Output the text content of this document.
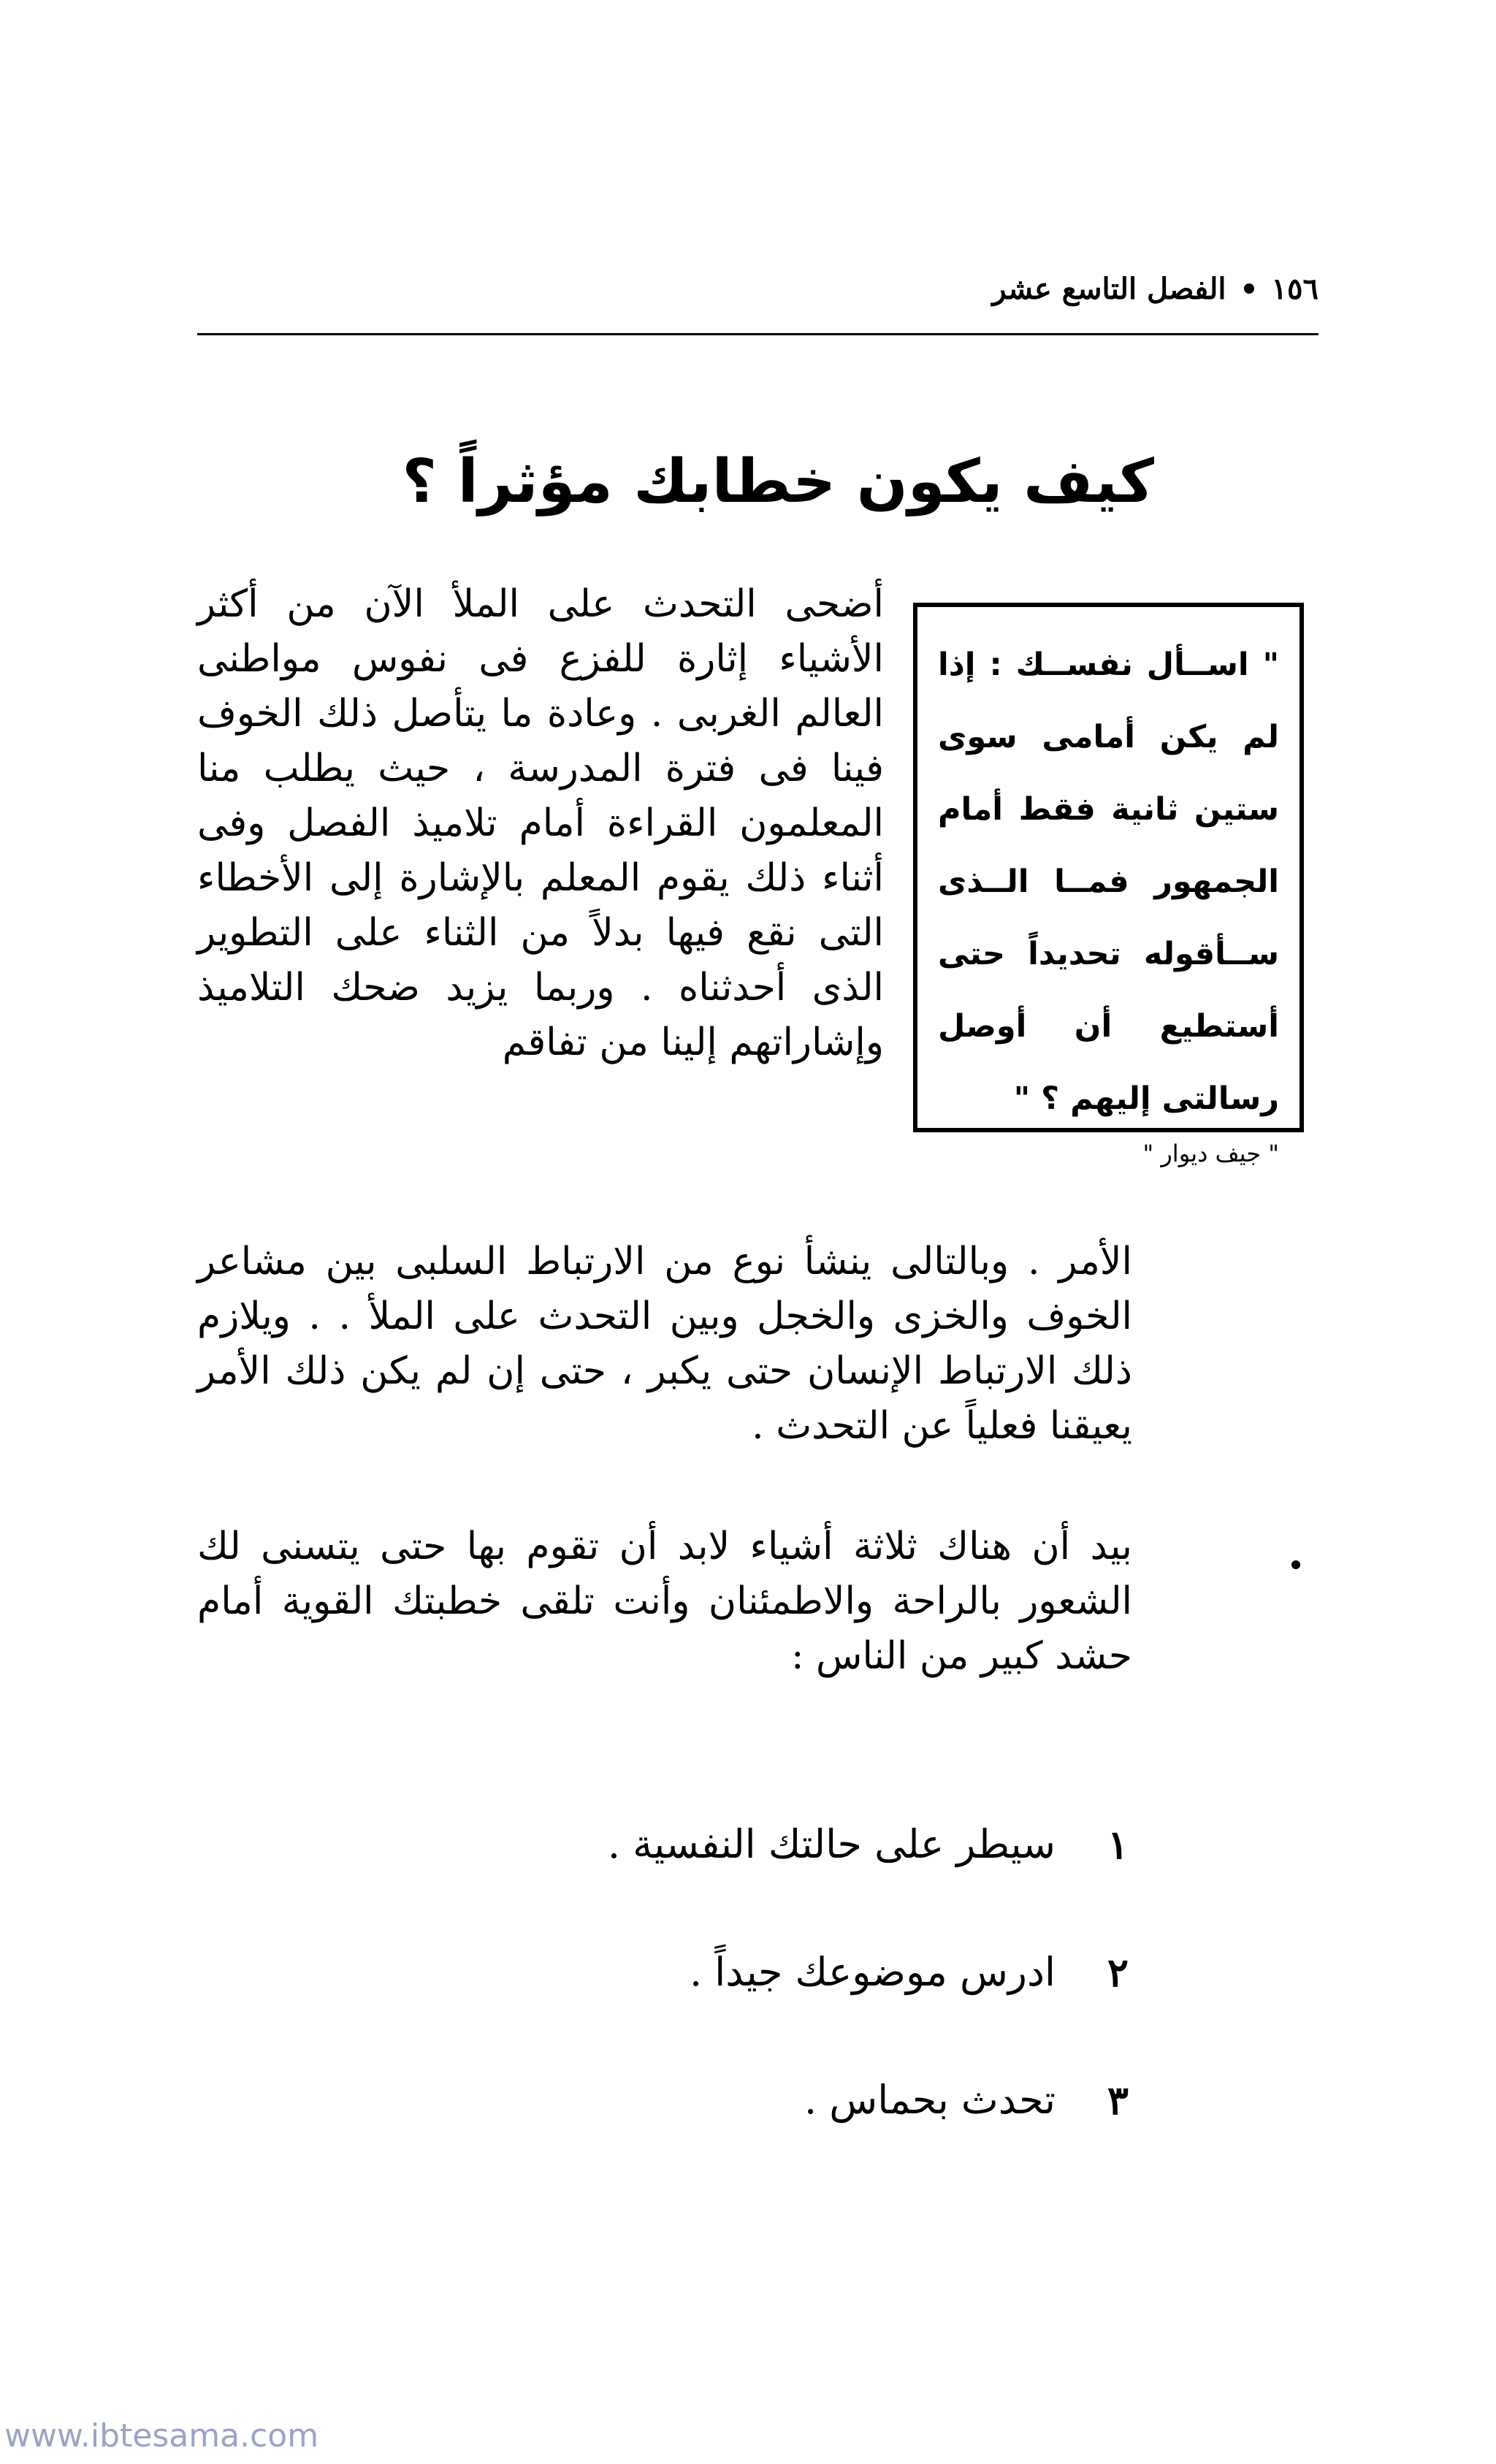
١٥٦
الفصل التاسع عشر
كيف يكون خطابك مؤثراً ؟
" اســأل نفســك : إذا لم يكن أمامى سوى ستين ثانية فقط أمام الجمهور فمــا الــذى ســأقوله تحديداً حتى أستطيع أن أوصل رسالتى إليهم ؟ "
" جيف ديوار "
أضحى التحدث على الملأ الآن من أكثر الأشياء إثارة للفزع فى نفوس مواطنى العالم الغربى . وعادة ما يتأصل ذلك الخوف فينا فى فترة المدرسة ، حيث يطلب منا المعلمون القراءة أمام تلاميذ الفصل وفى أثناء ذلك يقوم المعلم بالإشارة إلى الأخطاء التى نقع فيها بدلاً من الثناء على التطوير الذى أحدثناه . وربما يزيد ضحك التلاميذ وإشاراتهم إلينا من تفاقم
الأمر . وبالتالى ينشأ نوع من الارتباط السلبى بين مشاعر الخوف والخزى والخجل وبين التحدث على الملأ . . ويلازم ذلك الارتباط الإنسان حتى يكبر ، حتى إن لم يكن ذلك الأمر يعيقنا فعلياً عن التحدث .
بيد أن هناك ثلاثة أشياء لابد أن تقوم بها حتى يتسنى لك الشعور بالراحة والاطمئنان وأنت تلقى خطبتك القوية أمام حشد كبير من الناس :
١
سيطر على حالتك النفسية .
٢
ادرس موضوعك جيداً .
٣
تحدث بحماس .
www.ibtesama.com
